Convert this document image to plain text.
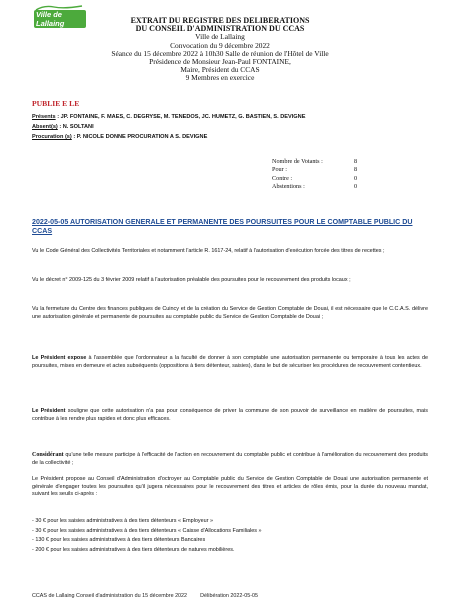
Ville de Lallaing	EXTRAIT DU REGISTRE DES DELIBERATIONS
DU CONSEIL D'ADMINISTRATION DU CCAS
Ville de Lallaing
Convocation du 9 décembre 2022
Séance du 15 décembre 2022 à 10h30 Salle de réunion de l'Hôtel de Ville
Présidence de Monsieur Jean-Paul FONTAINE,
Maire, Président du CCAS
9 Membres en exercice
PUBLIE E LE
Présents : JP. FONTAINE, F. MAES, C. DEGRYSE, M. TENEDOS, JC. HUMETZ, G. BASTIEN, S. DEVIGNE
Absent(s) : N. SOLTANI
Procuration (s) : P. NICOLE DONNE PROCURATION A S. DEVIGNE
Nombre de Votants :	8
Pour :	8
Contre :	0
Abstentions :	0
2022-05-05 AUTORISATION GENERALE ET PERMANENTE DES POURSUITES POUR LE COMPTABLE PUBLIC DU CCAS
Vu le Code Général des Collectivités Territoriales et notamment l'article R. 1617-24, relatif à l'autorisation d'exécution forcée des titres de recettes ;
Vu le décret n° 2009-125 du 3 février 2009 relatif à l'autorisation préalable des poursuites pour le recouvrement des produits locaux ;
Vu la fermeture du Centre des finances publiques de Cuincy et de la création du Service de Gestion Comptable de Douai, il est nécessaire que le C.C.A.S. délivre une autorisation générale et permanente de poursuites au comptable public du Service de Gestion Comptable de Douai ;
Le Président expose à l'assemblée que l'ordonnateur a la faculté de donner à son comptable une autorisation permanente ou temporaire à tous les actes de poursuites, mises en demeure et actes subséquents (oppositions à tiers détenteur, saisies), dans le but de sécuriser les procédures de recouvrement contentieux.
Le Président souligne que cette autorisation n'a pas pour conséquence de priver la commune de son pouvoir de surveillance en matière de poursuites, mais contribue à les rendre plus rapides et donc plus efficaces.
Considérant qu'une telle mesure participe à l'efficacité de l'action en recouvrement du comptable public et contribue à l'amélioration du recouvrement des produits de la collectivité ;
Le Président propose au Conseil d'Administration d'octroyer au Comptable public du Service de Gestion Comptable de Douai une autorisation permanente et générale d'engager toutes les poursuites qu'il jugera nécessaires pour le recouvrement des titres et articles de rôles émis, pour la durée du nouveau mandat, suivant les seuils ci-après :
- 30 € pour les saisies administratives à des tiers détenteurs « Employeur »
- 30 € pour les saisies administratives à des tiers détenteurs « Caisse d'Allocations Familiales »
- 130 € pour les saisies administratives à des tiers détenteurs Bancaires
- 200 € pour les saisies administratives à des tiers détenteurs de natures mobilières.
CCAS de Lallaing Conseil d'administration du 15 décembre 2022 Délibération 2022-05-05
